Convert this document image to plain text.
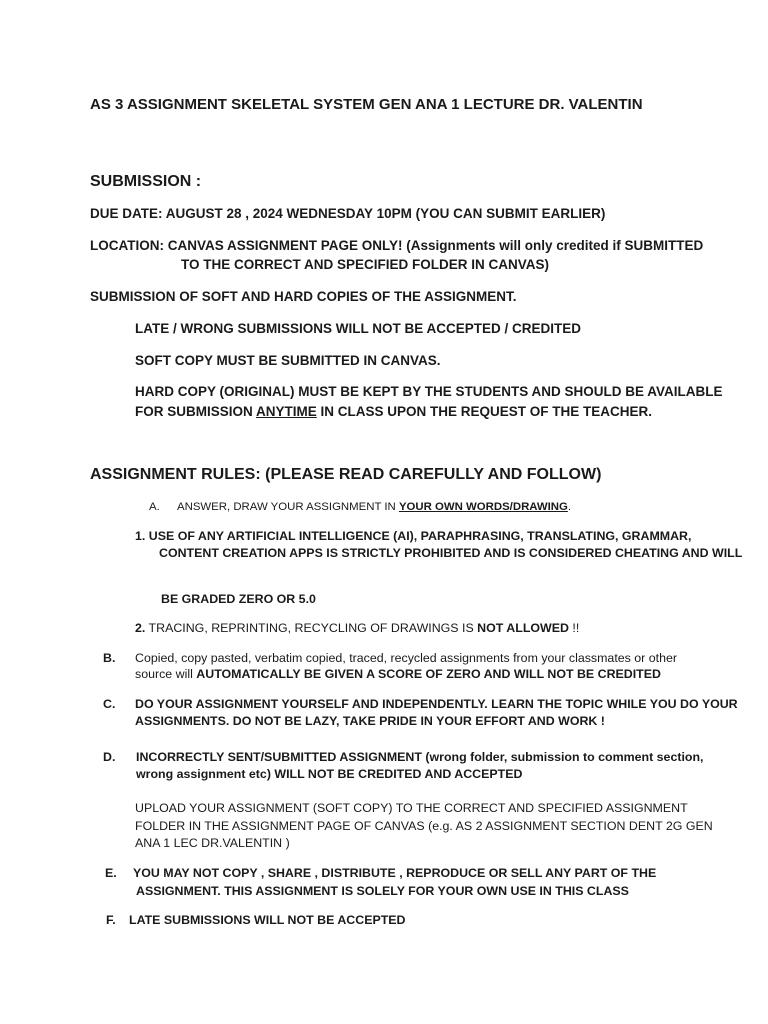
AS 3 ASSIGNMENT SKELETAL SYSTEM GEN ANA 1 LECTURE DR. VALENTIN
SUBMISSION :
DUE DATE: AUGUST 28 , 2024 WEDNESDAY 10PM (YOU CAN SUBMIT EARLIER)
LOCATION: CANVAS ASSIGNMENT PAGE ONLY! (Assignments will only credited if SUBMITTED
TO THE CORRECT AND SPECIFIED FOLDER IN CANVAS)
SUBMISSION OF SOFT AND HARD COPIES OF THE ASSIGNMENT.
LATE / WRONG SUBMISSIONS WILL NOT BE ACCEPTED / CREDITED
SOFT COPY MUST BE SUBMITTED IN CANVAS.
HARD COPY (ORIGINAL) MUST BE KEPT BY THE STUDENTS AND SHOULD BE AVAILABLE
FOR SUBMISSION ANYTIME IN CLASS UPON THE REQUEST OF THE TEACHER.
ASSIGNMENT RULES: (PLEASE READ CAREFULLY AND FOLLOW)
A. ANSWER, DRAW YOUR ASSIGNMENT IN YOUR OWN WORDS/DRAWING.
1. USE OF ANY ARTIFICIAL INTELLIGENCE (AI), PARAPHRASING, TRANSLATING, GRAMMAR,
CONTENT CREATION APPS IS STRICTLY PROHIBITED AND IS CONSIDERED CHEATING AND WILL
BE GRADED ZERO OR 5.0
2. TRACING, REPRINTING, RECYCLING OF DRAWINGS IS NOT ALLOWED !!
B. Copied, copy pasted, verbatim copied, traced, recycled assignments from your classmates or other
source will AUTOMATICALLY BE GIVEN A SCORE OF ZERO AND WILL NOT BE CREDITED
C. DO YOUR ASSIGNMENT YOURSELF AND INDEPENDENTLY. LEARN THE TOPIC WHILE YOU DO YOUR
ASSIGNMENTS. DO NOT BE LAZY, TAKE PRIDE IN YOUR EFFORT AND WORK !
D. INCORRECTLY SENT/SUBMITTED ASSIGNMENT (wrong folder, submission to comment section,
wrong assignment etc) WILL NOT BE CREDITED AND ACCEPTED
UPLOAD YOUR ASSIGNMENT (SOFT COPY) TO THE CORRECT AND SPECIFIED ASSIGNMENT
FOLDER IN THE ASSIGNMENT PAGE OF CANVAS (e.g. AS 2 ASSIGNMENT SECTION DENT 2G GEN
ANA 1 LEC DR.VALENTIN )
E. YOU MAY NOT COPY , SHARE , DISTRIBUTE , REPRODUCE OR SELL ANY PART OF THE
ASSIGNMENT. THIS ASSIGNMENT IS SOLELY FOR YOUR OWN USE IN THIS CLASS
F. LATE SUBMISSIONS WILL NOT BE ACCEPTED
